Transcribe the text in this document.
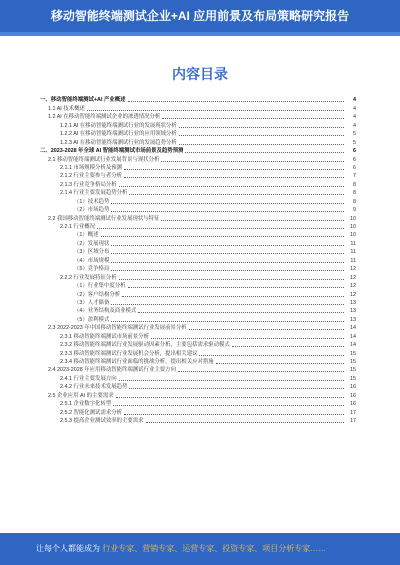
移动智能终端测试企业+AI 应用前景及布局策略研究报告
内容目录
一、移动智能终端测试+AI 产业概述	4
1.1 AI 技术概述	4
1.2 AI 在移动智能终端测试企业的渗透情况分析	4
1.2.1 AI 在移动智能终端测试行业的发展现状分析	4
1.2.2 AI 在移动智能终端测试行业的应用领域分析	5
1.2.3 AI 在移动智能终端测试行业的发展趋势分析	5
二、2023-2028 年全球 AI 智能终端测试市场前景及趋势预测	6
2.1 移动智能终端测试行业发展背景与现状分析	6
2.1.1 市场规模分析及预测	6
2.1.2 行业主要参与者分析	7
2.1.3 行业竞争格局分析	8
2.1.4 行业主要发展趋势分析	8
（1）技术趋势	8
（2）市场趋势	9
2.2 我国移动智能终端测试行业发展现状与特征	10
2.2.1 行业概况	10
（1）概述	10
（2）发展现状	11
（3）区域分布	11
（4）市场规模	11
（5）竞争格局	12
2.2.2 行业发展特征分析	12
（1）行业集中度分析	12
（2）客户结构分析	12
（3）人才储备	13
（4）业务结构及商业模式	13
（5）盈利模式	13
2.3 2022-2023 年中国移动智能终端测试行业发展前景分析	14
2.3.1 移动智能终端测试市场前景分析	14
2.3.2 移动智能终端测试行业发展驱动因素分析，主要包括需求驱动模式	14
2.3.3 移动智能终端测试行业发展机会分析，提出相关建议	15
2.3.4 移动智能终端测试行业面临的挑战分析，提出相关应对措施	15
2.4 2023-2028 年应用移动智能终端测试行业主要方向	15
2.4.1 行业主要发展方向	15
2.4.2 行业未来技术发展趋势	16
2.5 企业应用 AI 的主要需求	16
2.5.1 企业数字化转型	16
2.5.2 智能化测试需求分析	17
2.5.3 提高企业测试效率的主要需求	17
让每个人都能成为 行业专家、营销专家、运营专家、投资专家、项目分析专家……
